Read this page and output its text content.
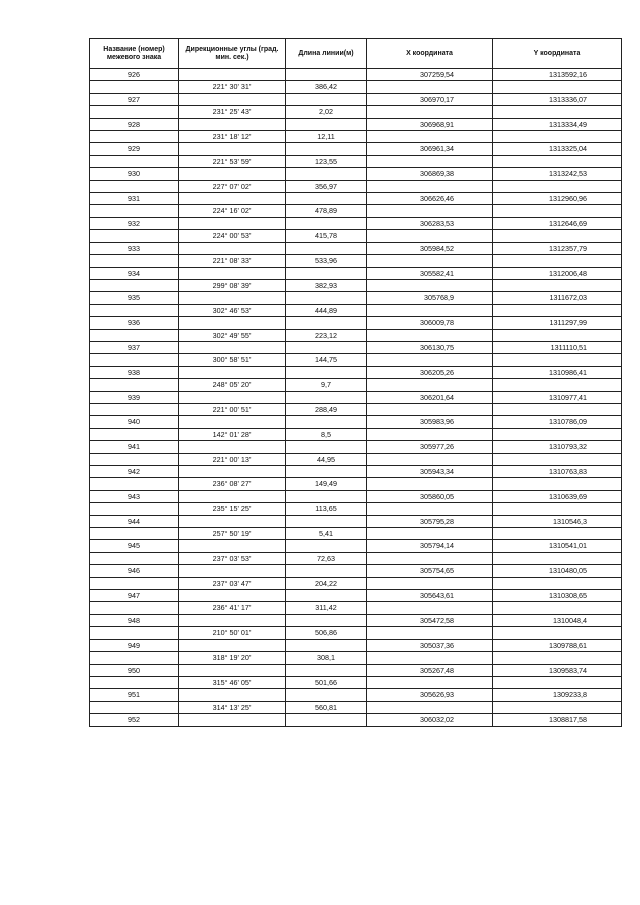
Название (номер) межевого знака	Дирекционные углы (град. мин. сек.)	Длина линии(м)	X координата	Y координата

926			307259,54	1313592,16

	221° 30' 31"	386,42		

927			306970,17	1313336,07

	231° 25' 43"	2,02		

928			306968,91	1313334,49

	231° 18' 12"	12,11		

929			306961,34	1313325,04

	221° 53' 59"	123,55		

930			306869,38	1313242,53

	227° 07' 02"	356,97		

931			306626,46	1312960,96

	224° 16' 02"	478,89		

932			306283,53	1312646,69

	224° 00' 53"	415,78		

933			305984,52	1312357,79

	221° 08' 33"	533,96		

934			305582,41	1312006,48

	299° 08' 39"	382,93		

935			305768,9	1311672,03

	302° 46' 53"	444,89		

936			306009,78	1311297,99

	302° 49' 55"	223,12		

937			306130,75	1311110,51

	300° 58' 51"	144,75		

938			306205,26	1310986,41

	248° 05' 20"	9,7		

939			306201,64	1310977,41

	221° 00' 51"	288,49		

940			305983,96	1310786,09

	142° 01' 28"	8,5		

941			305977,26	1310793,32

	221° 00' 13"	44,95		

942			305943,34	1310763,83

	236° 08' 27"	149,49		

943			305860,05	1310639,69

	235° 15' 25"	113,65		

944			305795,28	1310546,3

	257° 50' 19"	5,41		

945			305794,14	1310541,01

	237° 03' 53"	72,63		

946			305754,65	1310480,05

	237° 03' 47"	204,22		

947			305643,61	1310308,65

	236° 41' 17"	311,42		

948			305472,58	1310048,4

	210° 50' 01"	506,86		

949			305037,36	1309788,61

	318° 19' 20"	308,1		

950			305267,48	1309583,74

	315° 46' 05"	501,66		

951			305626,93	1309233,8

	314° 13' 25"	560,81		

952			306032,02	1308817,58
